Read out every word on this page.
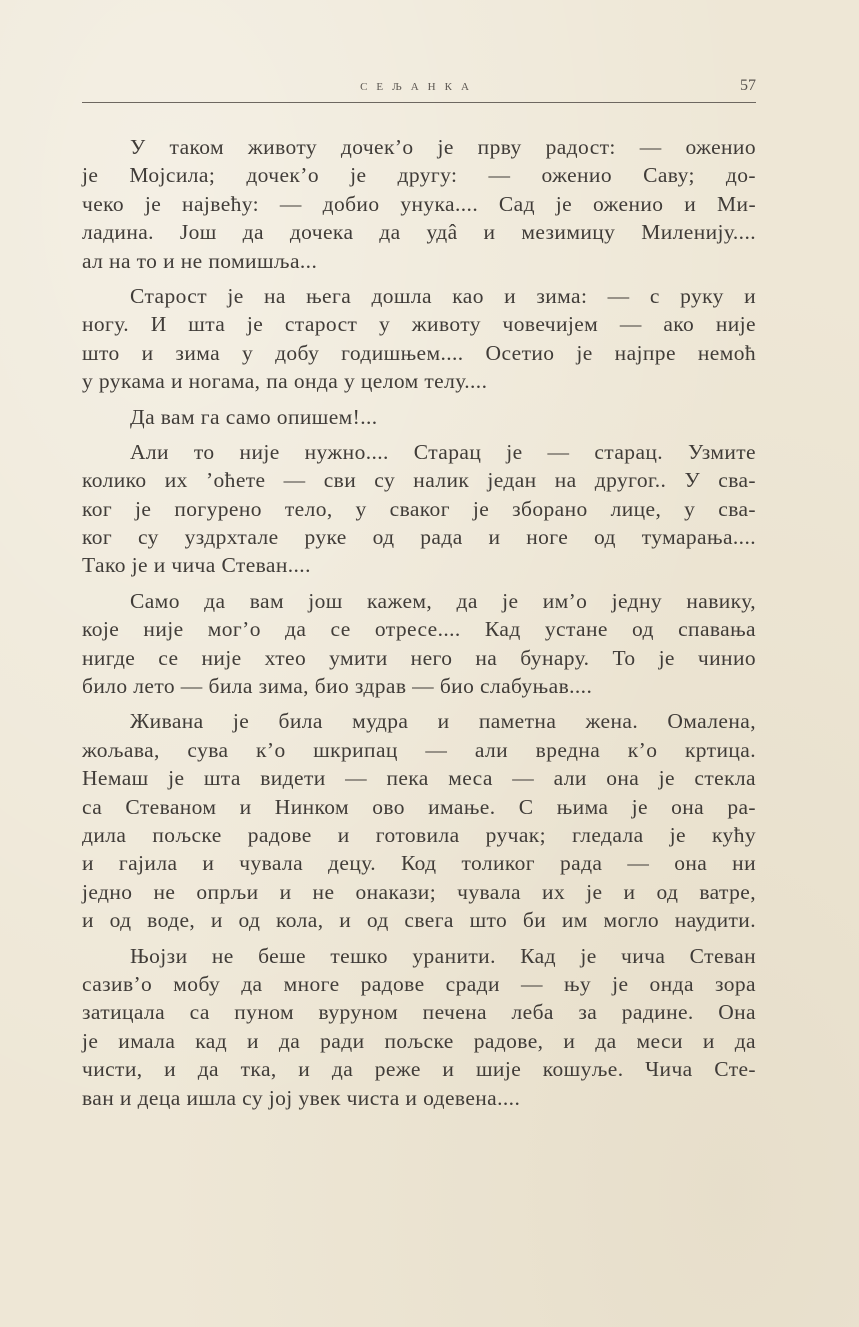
СЕЉАНКА	57
У таком животу дочек’о је прву радост: — оженио
је Мојсила; дочек’о је другу: — оженио Саву; до-
чеко је највећу: — добио унука.... Сад је оженио и Ми-
ладина. Још да дочека да удâ и мезимицу Миленију....
ал на то и не помишља...
Старост је на њега дошла као и зима: — с руку и
ногу. И шта је старост у животу човечијем — ако није
што и зима у добу годишњем.... Осетио је најпре немоћ
у рукама и ногама, па онда у целом телу....
Да вам га само опишем!...
Али то није нужно.... Старац је — старац. Узмите
колико их ’оћете — сви су налик један на другог.. У сва-
ког је погурено тело, у сваког је зборано лице, у сва-
ког су уздрхтале руке од рада и ноге од тумарања....
Тако је и чича Стеван....
Само да вам још кажем, да је им’о једну навику,
које није мог’о да се отресе.... Кад устане од спавања
нигде се није хтео умити него на бунару. То је чинио
било лето — била зима, био здрав — био слабуњав....
Живана је била мудра и паметна жена. Омалена,
жољава, сува к’о шкрипац — али вредна к’о кртица.
Немаш је шта видети — пека меса — али она је стекла
са Стеваном и Нинком ово имање. С њима је она ра-
дила пољске радове и готовила ручак; гледала је кућу
и гајила и чувала децу. Код толиког рада — она ни
једно не опрљи и не онакази; чувала их је и од ватре,
и од воде, и од кола, и од свега што би им могло наудити.
Њојзи не беше тешко уранити. Кад је чича Стеван
сазив’о мобу да многе радове сради — њу је онда зора
затицала са пуном вуруном печена леба за радине. Она
је имала кад и да ради пољске радове, и да меси и да
чисти, и да тка, и да реже и шије кошуље. Чича Сте-
ван и деца ишла су јој увек чиста и одевена....
